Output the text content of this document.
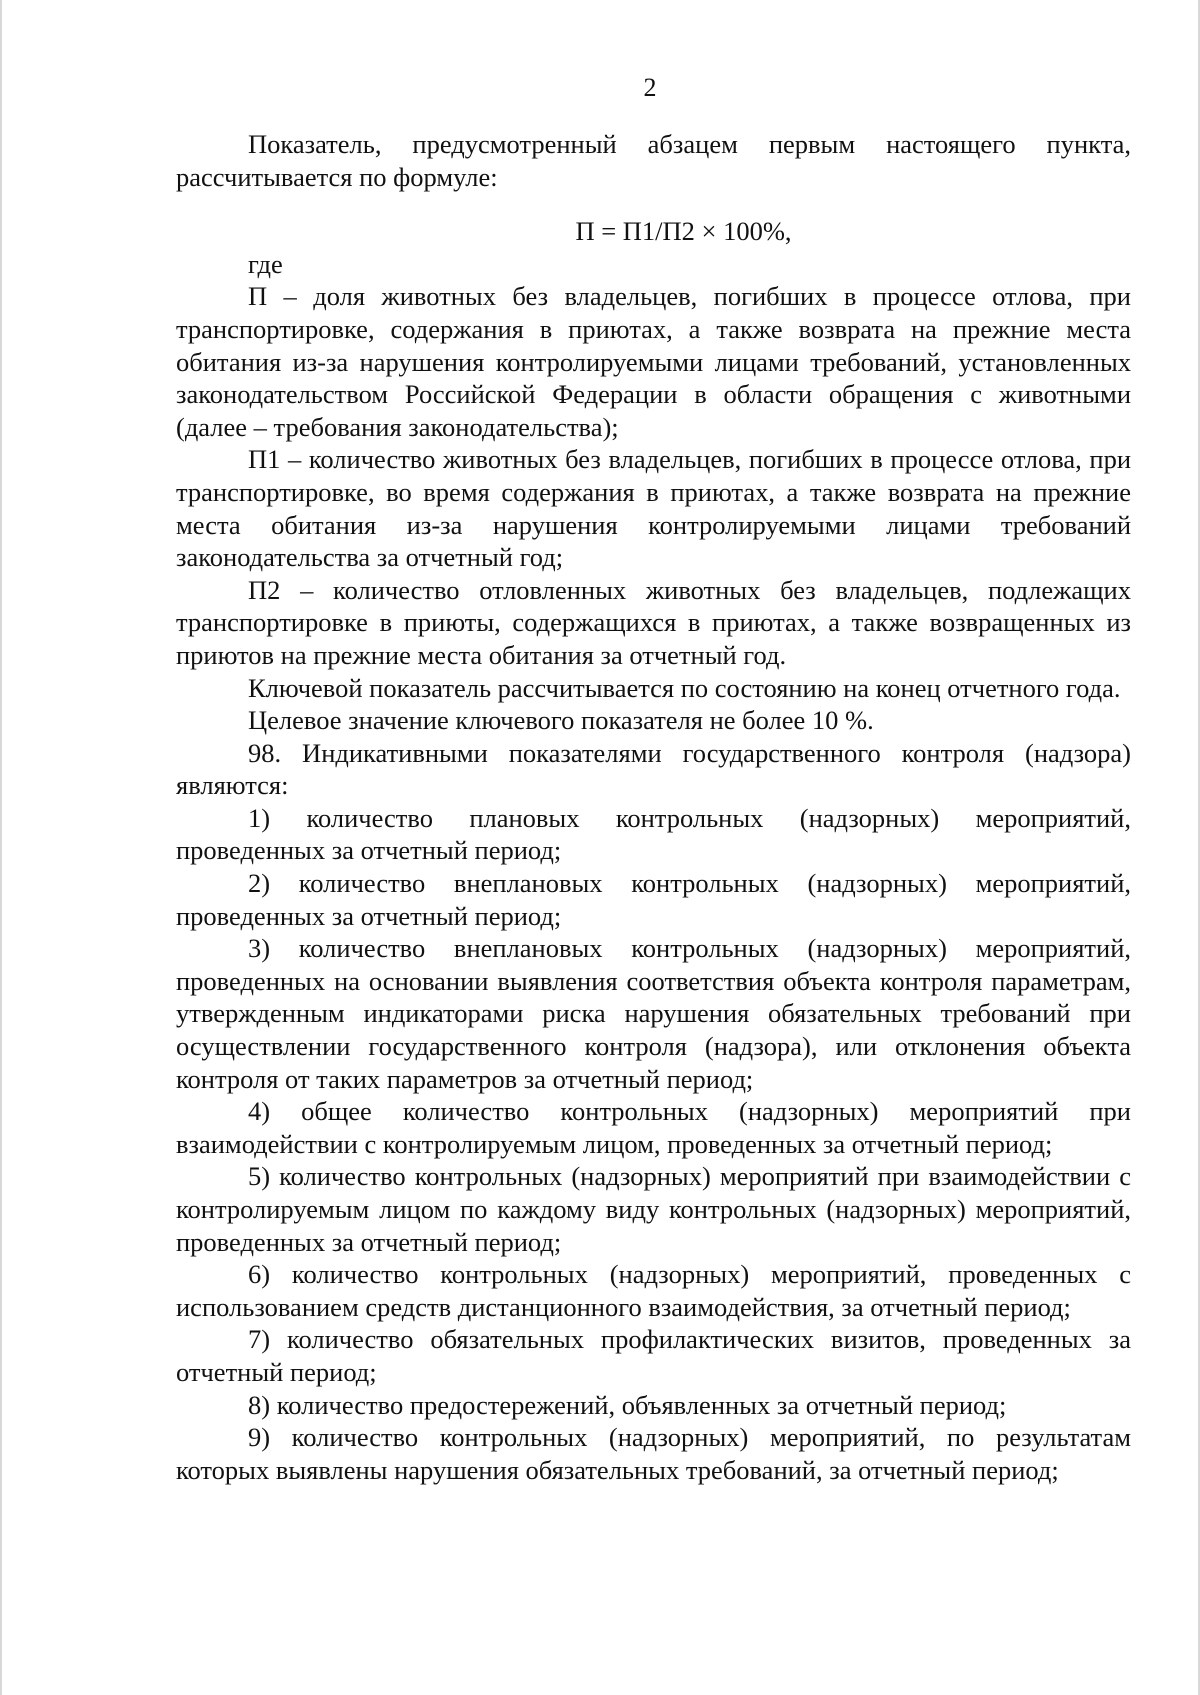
2

Показатель, предусмотренный абзацем первым настоящего пункта, рассчитывается по формуле:

П = П1/П2 × 100%,

где

П – доля животных без владельцев, погибших в процессе отлова, при транспортировке, содержания в приютах, а также возврата на прежние места обитания из-за нарушения контролируемыми лицами требований, установленных законодательством Российской Федерации в области обращения с животными (далее – требования законодательства);

П1 – количество животных без владельцев, погибших в процессе отлова, при транспортировке, во время содержания в приютах, а также возврата на прежние места обитания из-за нарушения контролируемыми лицами требований законодательства за отчетный год;

П2 – количество отловленных животных без владельцев, подлежащих транспортировке в приюты, содержащихся в приютах, а также возвращенных из приютов на прежние места обитания за отчетный год.

Ключевой показатель рассчитывается по состоянию на конец отчетного года.

Целевое значение ключевого показателя не более 10 %.

98. Индикативными показателями государственного контроля (надзора) являются:

1) количество плановых контрольных (надзорных) мероприятий, проведенных за отчетный период;

2) количество внеплановых контрольных (надзорных) мероприятий, проведенных за отчетный период;

3) количество внеплановых контрольных (надзорных) мероприятий, проведенных на основании выявления соответствия объекта контроля параметрам, утвержденным индикаторами риска нарушения обязательных требований при осуществлении государственного контроля (надзора), или отклонения объекта контроля от таких параметров за отчетный период;

4) общее количество контрольных (надзорных) мероприятий при взаимодействии с контролируемым лицом, проведенных за отчетный период;

5) количество контрольных (надзорных) мероприятий при взаимодействии с контролируемым лицом по каждому виду контрольных (надзорных) мероприятий, проведенных за отчетный период;

6) количество контрольных (надзорных) мероприятий, проведенных с использованием средств дистанционного взаимодействия, за отчетный период;

7) количество обязательных профилактических визитов, проведенных за отчетный период;

8) количество предостережений, объявленных за отчетный период;

9) количество контрольных (надзорных) мероприятий, по результатам которых выявлены нарушения обязательных требований, за отчетный период;
